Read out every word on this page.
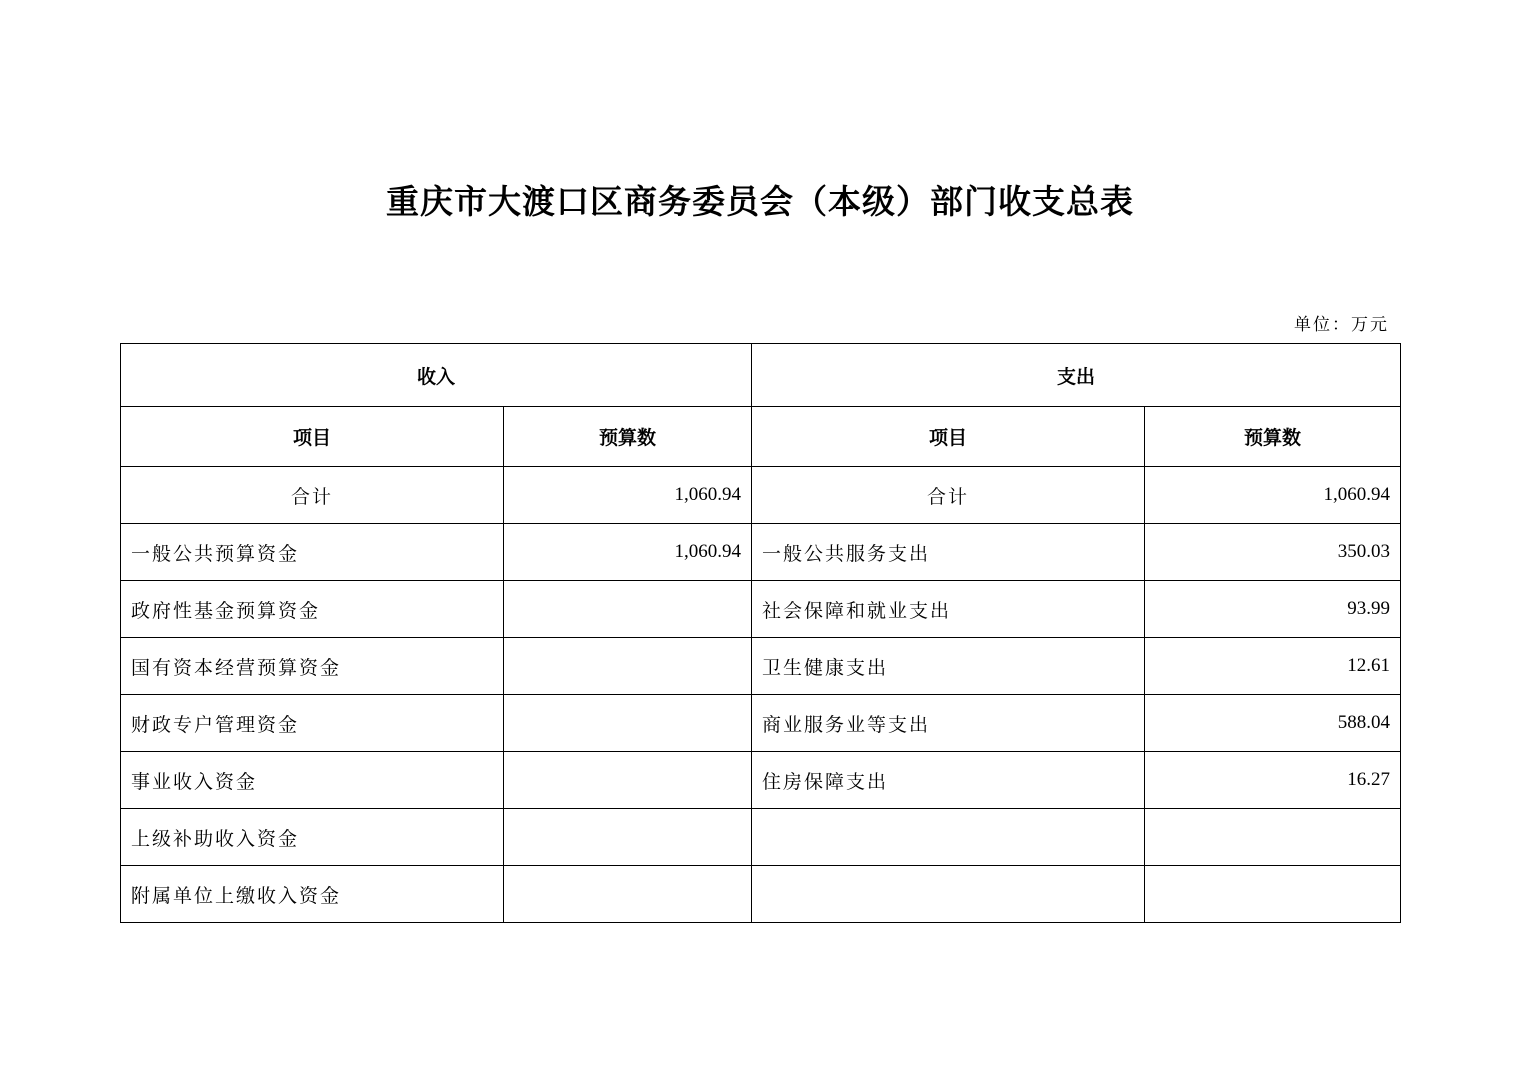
重庆市大渡口区商务委员会（本级）部门收支总表
单位：万元
收入		支出	
项目	预算数	项目	预算数
合计	1,060.94	合计	1,060.94
一般公共预算资金	1,060.94	一般公共服务支出	350.03
政府性基金预算资金		社会保障和就业支出	93.99
国有资本经营预算资金		卫生健康支出	12.61
财政专户管理资金		商业服务业等支出	588.04
事业收入资金		住房保障支出	16.27
上级补助收入资金			
附属单位上缴收入资金			
